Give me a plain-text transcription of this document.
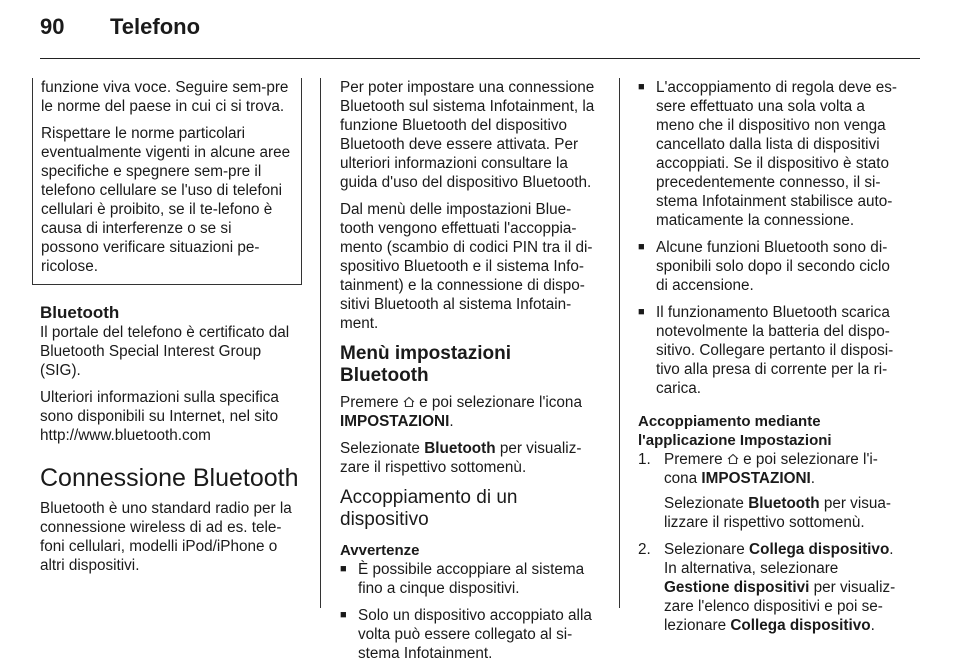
90 Telefono

funzione viva voce. Seguire sem-pre le norme del paese in cui ci si trova.

Rispettare le norme particolari eventualmente vigenti in alcune aree specifiche e spegnere sem-pre il telefono cellulare se l'uso di telefoni cellulari è proibito, se il te-lefono è causa di interferenze o se si possono verificare situazioni pe-ricolose.

Bluetooth

Il portale del telefono è certificato dal Bluetooth Special Interest Group (SIG).

Ulteriori informazioni sulla specifica sono disponibili su Internet, nel sito http://www.bluetooth.com

Connessione Bluetooth

Bluetooth è uno standard radio per la connessione wireless di ad es. tele-foni cellulari, modelli iPod/iPhone o altri dispositivi.

Per poter impostare una connessione Bluetooth sul sistema Infotainment, la funzione Bluetooth del dispositivo Bluetooth deve essere attivata. Per ulteriori informazioni consultare la guida d'uso del dispositivo Bluetooth.

Dal menù delle impostazioni Blue-tooth vengono effettuati l'accoppia-mento (scambio di codici PIN tra il di-spositivo Bluetooth e il sistema Info-tainment) e la connessione di dispo-sitivi Bluetooth al sistema Infotain-ment.

Menù impostazioni Bluetooth

Premere e poi selezionare l'icona
IMPOSTAZIONI.

Selezionate Bluetooth per visualiz-zare il rispettivo sottomenù.

Accoppiamento di un dispositivo
Avvertenze
■ È possibile accoppiare al sistema fino a cinque dispositivi.
■ Solo un dispositivo accoppiato alla volta può essere collegato al si-stema Infotainment.
■ L'accoppiamento di regola deve es-sere effettuato una sola volta a meno che il dispositivo non venga cancellato dalla lista di dispositivi accoppiati. Se il dispositivo è stato precedentemente connesso, il si-stema Infotainment stabilisce auto-maticamente la connessione.
■ Alcune funzioni Bluetooth sono di-sponibili solo dopo il secondo ciclo di accensione.
■ Il funzionamento Bluetooth scarica notevolmente la batteria del dispo-sitivo. Collegare pertanto il disposi-tivo alla presa di corrente per la ri-carica.
Accoppiamento mediante l'applicazione Impostazioni
1. Premere e poi selezionare l'i-cona IMPOSTAZIONI.

Selezionate Bluetooth per visua-lizzare il rispettivo sottomenù.

2. Selezionare Collega dispositivo. In alternativa, selezionare Gestione dispositivi per visualiz-zare l'elenco dispositivi e poi se-lezionare Collega dispositivo.
